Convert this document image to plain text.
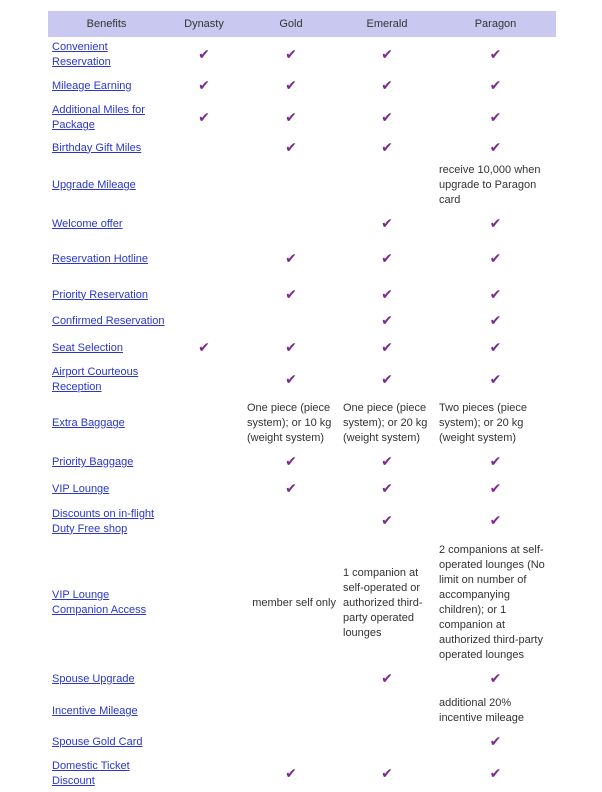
Benefits	Dynasty	Gold	Emerald	Paragon
Convenient Reservation	✔	✔	✔	✔
Mileage Earning	✔	✔	✔	✔
Additional Miles for Package	✔	✔	✔	✔
Birthday Gift Miles		✔	✔	✔
Upgrade Mileage				receive 10,000 when upgrade to Paragon card
Welcome offer			✔	✔
Reservation Hotline		✔	✔	✔
Priority Reservation		✔	✔	✔
Confirmed Reservation			✔	✔
Seat Selection	✔	✔	✔	✔
Airport Courteous Reception		✔	✔	✔
Extra Baggage		One piece (piece system); or 10 kg (weight system)	One piece (piece system); or 20 kg (weight system)	Two pieces (piece system); or 20 kg (weight system)
Priority Baggage		✔	✔	✔
VIP Lounge		✔	✔	✔
Discounts on in-flight Duty Free shop			✔	✔
VIP Lounge Companion Access		member self only	1 companion at self-operated or authorized third-party operated lounges	2 companions at self-operated lounges (No limit on number of accompanying children); or 1 companion at authorized third-party operated lounges
Spouse Upgrade			✔	✔
Incentive Mileage				additional 20% incentive mileage
Spouse Gold Card				✔
Domestic Ticket Discount		✔	✔	✔
